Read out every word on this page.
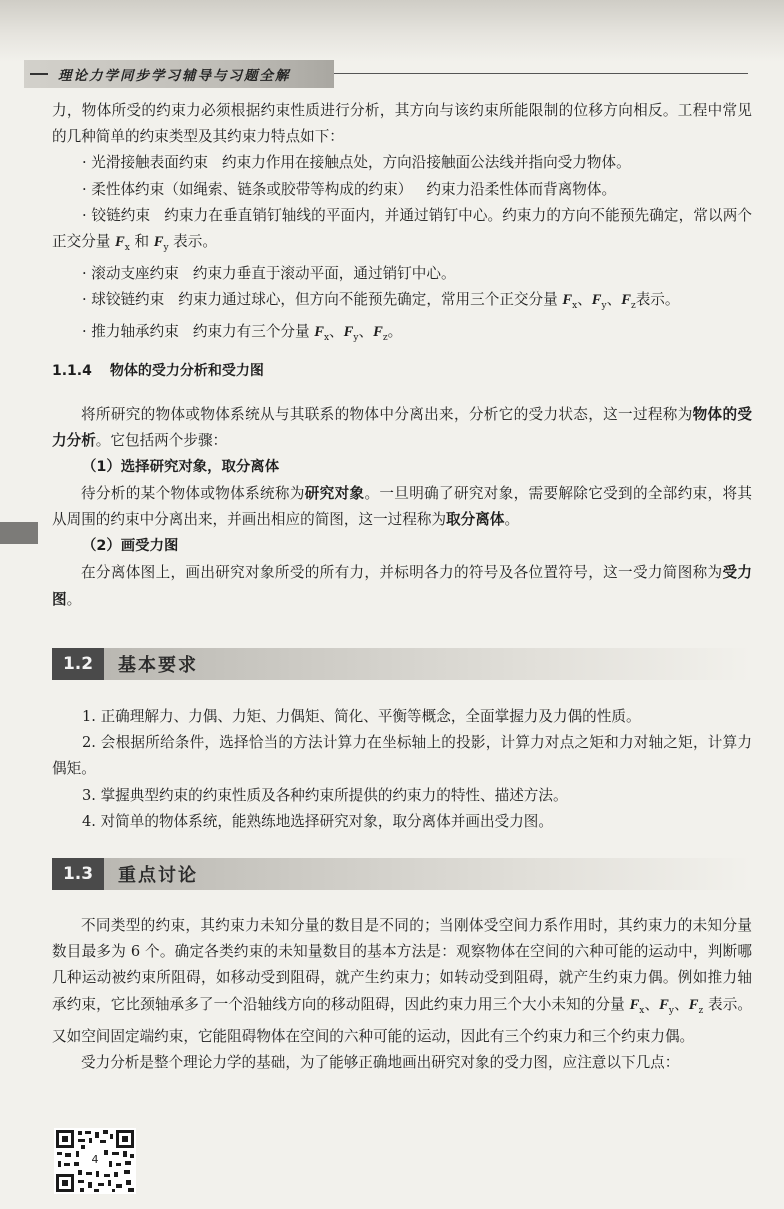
理论力学同步学习辅导与习题全解

力，物体所受的约束力必须根据约束性质进行分析，其方向与该约束所能限制的位移方向相反。工程中常见的几种简单的约束类型及其约束力特点如下：

· 光滑接触表面约束 约束力作用在接触点处，方向沿接触面公法线并指向受力物体。

· 柔性体约束（如绳索、链条或胶带等构成的约束） 约束力沿柔性体而背离物体。

· 铰链约束 约束力在垂直销钉轴线的平面内，并通过销钉中心。约束力的方向不能预先确定，常以两个正交分量 $F_x$ 和 $F_y$ 表示。

· 滚动支座约束 约束力垂直于滚动平面，通过销钉中心。

· 球铰链约束 约束力通过球心，但方向不能预先确定，常用三个正交分量 $F_x$、$F_y$、$F_z$表示。

· 推力轴承约束 约束力有三个分量 $F_x$、$F_y$、$F_z$。

1.1.4 物体的受力分析和受力图

将所研究的物体或物体系统从与其联系的物体中分离出来，分析它的受力状态，这一过程称为物体的受力分析。它包括两个步骤：

（1）选择研究对象，取分离体

待分析的某个物体或物体系统称为研究对象。一旦明确了研究对象，需要解除它受到的全部约束，将其从周围的约束中分离出来，并画出相应的简图，这一过程称为取分离体。

（2）画受力图

在分离体图上，画出研究对象所受的所有力，并标明各力的符号及各位置符号，这一受力简图称为受力图。

1.2	基本要求

1. 正确理解力、力偶、力矩、力偶矩、简化、平衡等概念，全面掌握力及力偶的性质。

2. 会根据所给条件，选择恰当的方法计算力在坐标轴上的投影，计算力对点之矩和力对轴之矩，计算力偶矩。

3. 掌握典型约束的约束性质及各种约束所提供的约束力的特性、描述方法。

4. 对简单的物体系统，能熟练地选择研究对象，取分离体并画出受力图。

1.3	重点讨论

不同类型的约束，其约束力未知分量的数目是不同的；当刚体受空间力系作用时，其约束力的未知分量数目最多为 6 个。确定各类约束的未知量数目的基本方法是：观察物体在空间的六种可能的运动中，判断哪几种运动被约束所阻碍，如移动受到阻碍，就产生约束力；如转动受到阻碍，就产生约束力偶。例如推力轴承约束，它比颈轴承多了一个沿轴线方向的移动阻碍，因此约束力用三个大小未知的分量 $F_x$、$F_y$、$F_z$ 表示。又如空间固定端约束，它能阻碍物体在空间的六种可能的运动，因此有三个约束力和三个约束力偶。

受力分析是整个理论力学的基础，为了能够正确地画出研究对象的受力图，应注意以下几点：

4
